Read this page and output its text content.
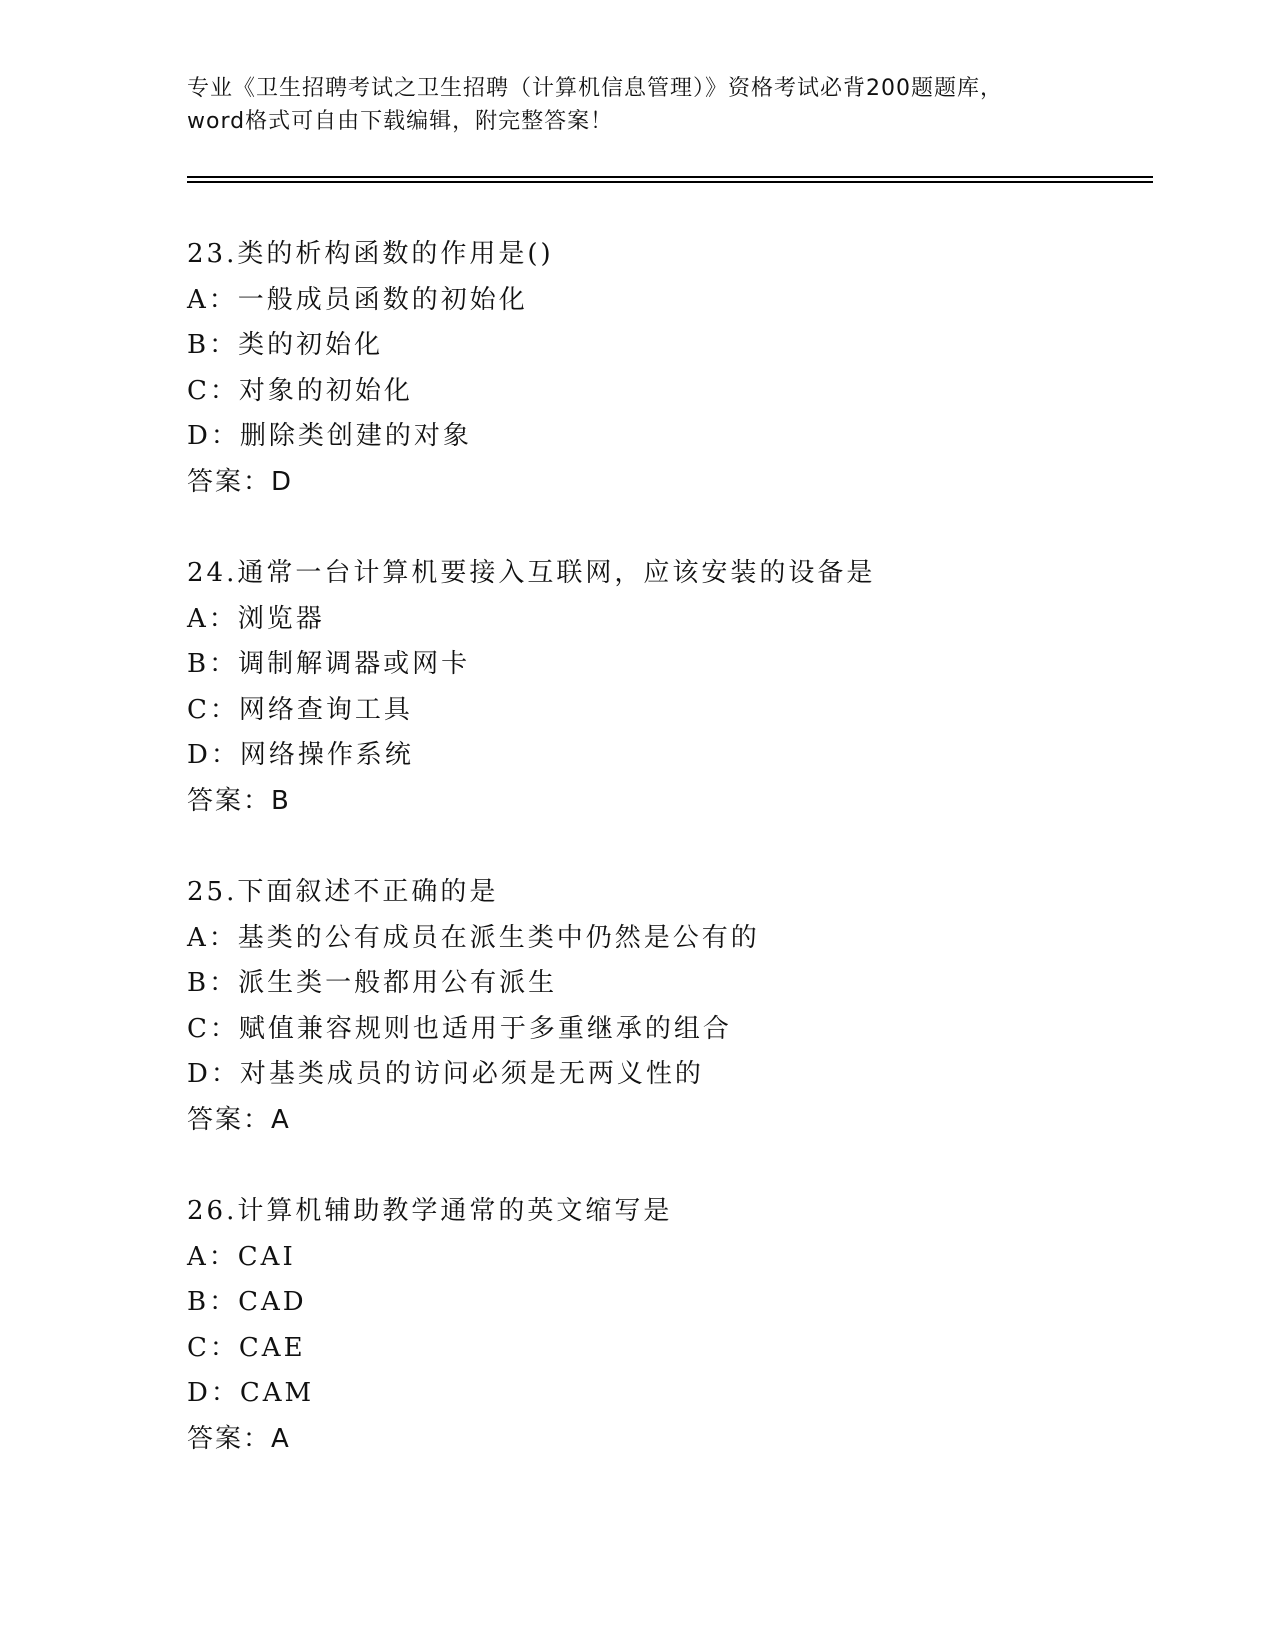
专业《卫生招聘考试之卫生招聘（计算机信息管理）》资格考试必背200题题库，
word格式可自由下载编辑，附完整答案！
23.类的析构函数的作用是()
A：一般成员函数的初始化
B：类的初始化
C：对象的初始化
D：删除类创建的对象
答案：D
24.通常一台计算机要接入互联网，应该安装的设备是
A：浏览器
B：调制解调器或网卡
C：网络查询工具
D：网络操作系统
答案：B
25.下面叙述不正确的是
A：基类的公有成员在派生类中仍然是公有的
B：派生类一般都用公有派生
C：赋值兼容规则也适用于多重继承的组合
D：对基类成员的访问必须是无两义性的
答案：A
26.计算机辅助教学通常的英文缩写是
A：CAI
B：CAD
C：CAE
D：CAM
答案：A
